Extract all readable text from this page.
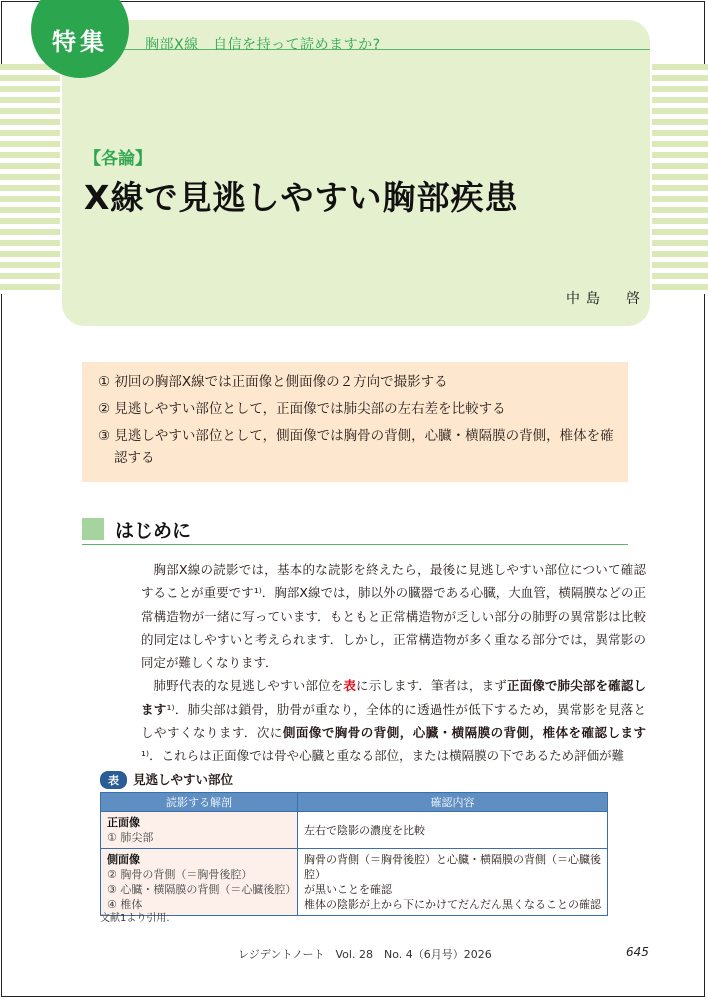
特集	胸部X線　自信を持って読めますか?
【各論】
X線で見逃しやすい胸部疾患
中島　啓
① 初回の胸部X線では正面像と側面像の２方向で撮影する
② 見逃しやすい部位として，正面像では肺尖部の左右差を比較する
③ 見逃しやすい部位として，側面像では胸骨の背側，心臓・横隔膜の背側，椎体を確
認する
はじめに

胸部X線の読影では，基本的な読影を終えたら，最後に見逃しやすい部位について確認することが重要です¹⁾．胸部X線では，肺以外の臓器である心臓，大血管，横隔膜などの正常構造物が一緒に写っています．もともと正常構造物が乏しい部分の肺野の異常影は比較的同定はしやすいと考えられます．しかし，正常構造物が多く重なる部分では，異常影の同定が難しくなります．

肺野代表的な見逃しやすい部位を表に示します．筆者は，まず正面像で肺尖部を確認します¹⁾．肺尖部は鎖骨，肋骨が重なり，全体的に透過性が低下するため，異常影を見落としやすくなります．次に側面像で胸骨の背側，心臓・横隔膜の背側，椎体を確認します¹⁾．これらは正面像では骨や心臓と重なる部位，または横隔膜の下であるため評価が難

表 見逃しやすい部位
読影する解剖	確認内容

正面像
① 肺尖部	左右で陰影の濃度を比較

側面像
② 胸骨の背側（＝胸骨後腔）
③ 心臓・横隔膜の背側（＝心臓後腔）
④ 椎体	胸骨の背側（＝胸骨後腔）と心臓・横隔膜の背側（＝心臓後腔）
が黒いことを確認
椎体の陰影が上から下にかけてだんだん黒くなることの確認
文献1より引用.
レジデントノート　Vol. 28　No. 4（6月号）2026	645
